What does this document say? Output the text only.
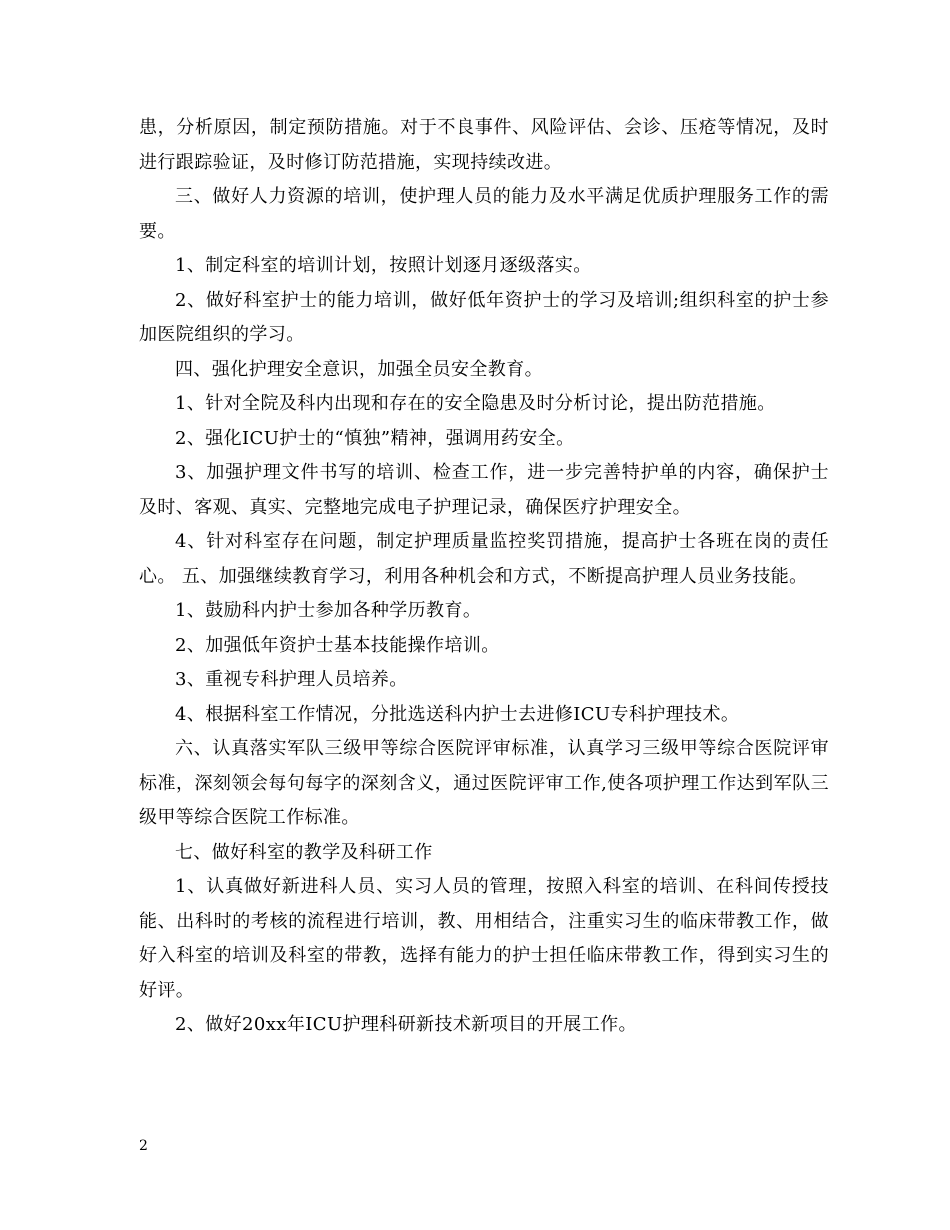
患，分析原因，制定预防措施。对于不良事件、风险评估、会诊、压疮等情况，及时进行跟踪验证，及时修订防范措施，实现持续改进。

三、做好人力资源的培训，使护理人员的能力及水平满足优质护理服务工作的需要。

1、制定科室的培训计划，按照计划逐月逐级落实。

2、做好科室护士的能力培训，做好低年资护士的学习及培训;组织科室的护士参加医院组织的学习。

四、强化护理安全意识，加强全员安全教育。

1、针对全院及科内出现和存在的安全隐患及时分析讨论，提出防范措施。

2、强化ICU护士的“慎独”精神，强调用药安全。

3、加强护理文件书写的培训、检查工作，进一步完善特护单的内容，确保护士及时、客观、真实、完整地完成电子护理记录，确保医疗护理安全。

4、针对科室存在问题，制定护理质量监控奖罚措施，提高护士各班在岗的责任心。 五、加强继续教育学习，利用各种机会和方式，不断提高护理人员业务技能。

1、鼓励科内护士参加各种学历教育。

2、加强低年资护士基本技能操作培训。

3、重视专科护理人员培养。

4、根据科室工作情况，分批选送科内护士去进修ICU专科护理技术。

六、认真落实军队三级甲等综合医院评审标准，认真学习三级甲等综合医院评审标准，深刻领会每句每字的深刻含义，通过医院评审工作,使各项护理工作达到军队三级甲等综合医院工作标准。

七、做好科室的教学及科研工作

1、认真做好新进科人员、实习人员的管理，按照入科室的培训、在科间传授技能、出科时的考核的流程进行培训，教、用相结合，注重实习生的临床带教工作，做好入科室的培训及科室的带教，选择有能力的护士担任临床带教工作，得到实习生的好评。

2、做好20xx年ICU护理科研新技术新项目的开展工作。

2
